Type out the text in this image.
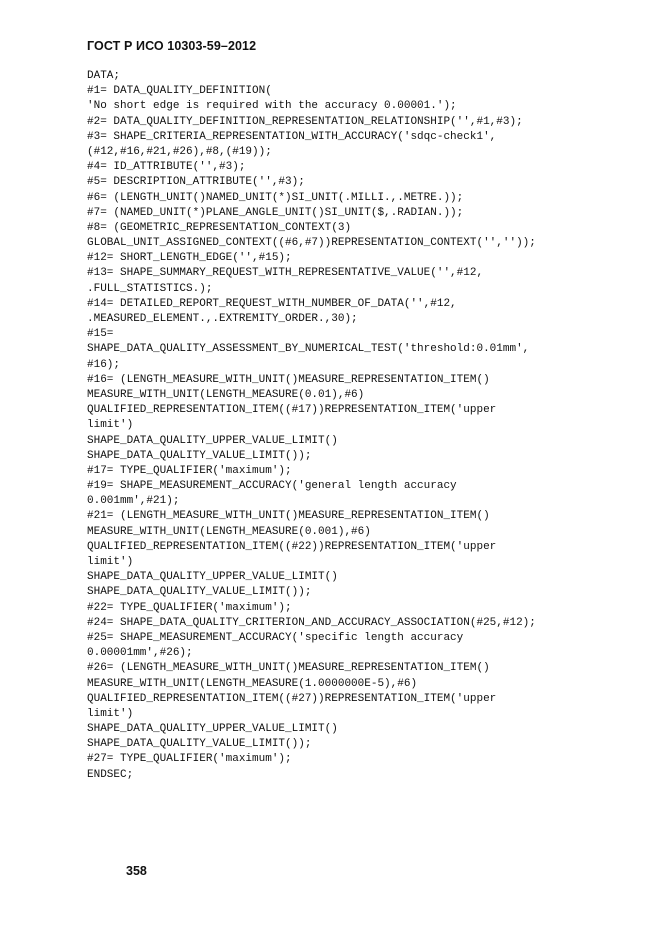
ГОСТ Р ИСО 10303-59–2012
DATA;
#1= DATA_QUALITY_DEFINITION(
'No short edge is required with the accuracy 0.00001.');
#2= DATA_QUALITY_DEFINITION_REPRESENTATION_RELATIONSHIP('',#1,#3);
#3= SHAPE_CRITERIA_REPRESENTATION_WITH_ACCURACY('sdqc-check1',
(#12,#16,#21,#26),#8,(#19));
#4= ID_ATTRIBUTE('',#3);
#5= DESCRIPTION_ATTRIBUTE('',#3);
#6= (LENGTH_UNIT()NAMED_UNIT(*)SI_UNIT(.MILLI.,.METRE.));
#7= (NAMED_UNIT(*)PLANE_ANGLE_UNIT()SI_UNIT($,.RADIAN.));
#8= (GEOMETRIC_REPRESENTATION_CONTEXT(3)
GLOBAL_UNIT_ASSIGNED_CONTEXT((#6,#7))REPRESENTATION_CONTEXT('',''));
#12= SHORT_LENGTH_EDGE('',#15);
#13= SHAPE_SUMMARY_REQUEST_WITH_REPRESENTATIVE_VALUE('',#12,
.FULL_STATISTICS.);
#14= DETAILED_REPORT_REQUEST_WITH_NUMBER_OF_DATA('',#12,
.MEASURED_ELEMENT.,.EXTREMITY_ORDER.,30);
#15=
SHAPE_DATA_QUALITY_ASSESSMENT_BY_NUMERICAL_TEST('threshold:0.01mm',
#16);
#16= (LENGTH_MEASURE_WITH_UNIT()MEASURE_REPRESENTATION_ITEM()
MEASURE_WITH_UNIT(LENGTH_MEASURE(0.01),#6)
QUALIFIED_REPRESENTATION_ITEM((#17))REPRESENTATION_ITEM('upper
limit')
SHAPE_DATA_QUALITY_UPPER_VALUE_LIMIT()
SHAPE_DATA_QUALITY_VALUE_LIMIT());
#17= TYPE_QUALIFIER('maximum');
#19= SHAPE_MEASUREMENT_ACCURACY('general length accuracy
0.001mm',#21);
#21= (LENGTH_MEASURE_WITH_UNIT()MEASURE_REPRESENTATION_ITEM()
MEASURE_WITH_UNIT(LENGTH_MEASURE(0.001),#6)
QUALIFIED_REPRESENTATION_ITEM((#22))REPRESENTATION_ITEM('upper
limit')
SHAPE_DATA_QUALITY_UPPER_VALUE_LIMIT()
SHAPE_DATA_QUALITY_VALUE_LIMIT());
#22= TYPE_QUALIFIER('maximum');
#24= SHAPE_DATA_QUALITY_CRITERION_AND_ACCURACY_ASSOCIATION(#25,#12);
#25= SHAPE_MEASUREMENT_ACCURACY('specific length accuracy
0.00001mm',#26);
#26= (LENGTH_MEASURE_WITH_UNIT()MEASURE_REPRESENTATION_ITEM()
MEASURE_WITH_UNIT(LENGTH_MEASURE(1.0000000E-5),#6)
QUALIFIED_REPRESENTATION_ITEM((#27))REPRESENTATION_ITEM('upper
limit')
SHAPE_DATA_QUALITY_UPPER_VALUE_LIMIT()
SHAPE_DATA_QUALITY_VALUE_LIMIT());
#27= TYPE_QUALIFIER('maximum');
ENDSEC;
358
